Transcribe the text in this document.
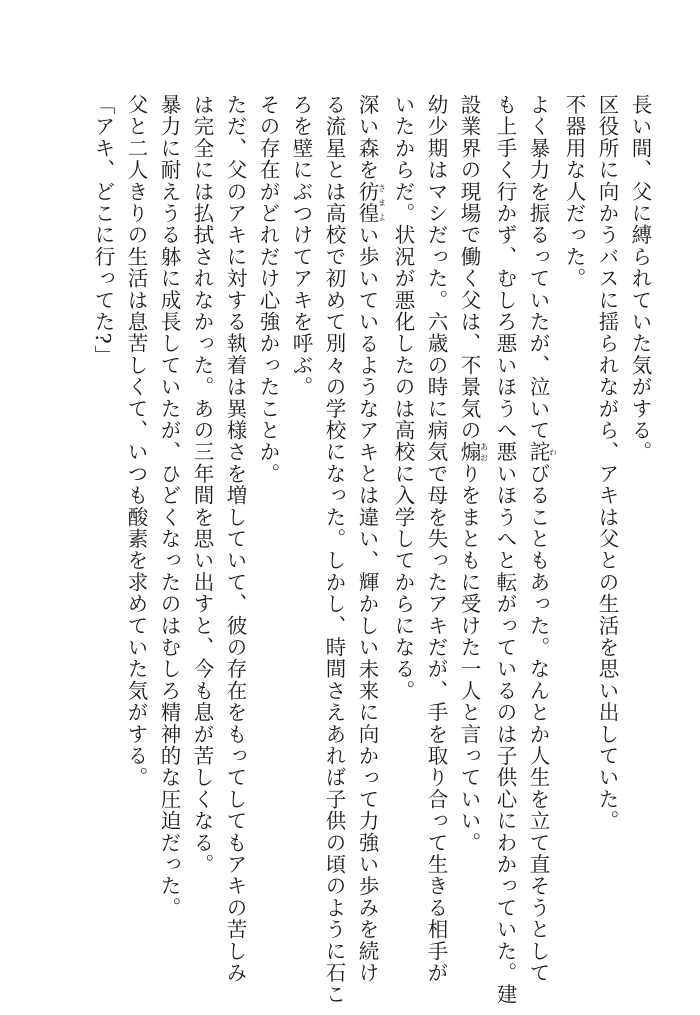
長い間、父に縛られていた気がする。
区役所に向かうバスに揺られながら、アキは父との生活を思い出していた。
不器用な人だった。
よく暴力を振るっていたが、泣いて詫わびることもあった。なんとか人生を立て直そうとして
も上手く行かず、むしろ悪いほうへ悪いほうへと転がっているのは子供心にわかっていた。建
設業界の現場で働く父は、不景気の煽あおりをまともに受けた一人と言っていい。
幼少期はマシだった。六歳の時に病気で母を失ったアキだが、手を取り合って生きる相手が
いたからだ。状況が悪化したのは高校に入学してからになる。
深い森を彷徨さまよい歩いているようなアキとは違い、輝かしい未来に向かって力強い歩みを続け
る流星とは高校で初めて別々の学校になった。しかし、時間さえあれば子供の頃のように石こ
ろを壁にぶつけてアキを呼ぶ。
その存在がどれだけ心強かったことか。
ただ、父のアキに対する執着は異様さを増していて、彼の存在をもってしてもアキの苦しみ
は完全には払拭されなかった。あの三年間を思い出すと、今も息が苦しくなる。
暴力に耐えうる躰に成長していたが、ひどくなったのはむしろ精神的な圧迫だった。
父と二人きりの生活は息苦しくて、いつも酸素を求めていた気がする。
「アキ、どこに行ってた?」
